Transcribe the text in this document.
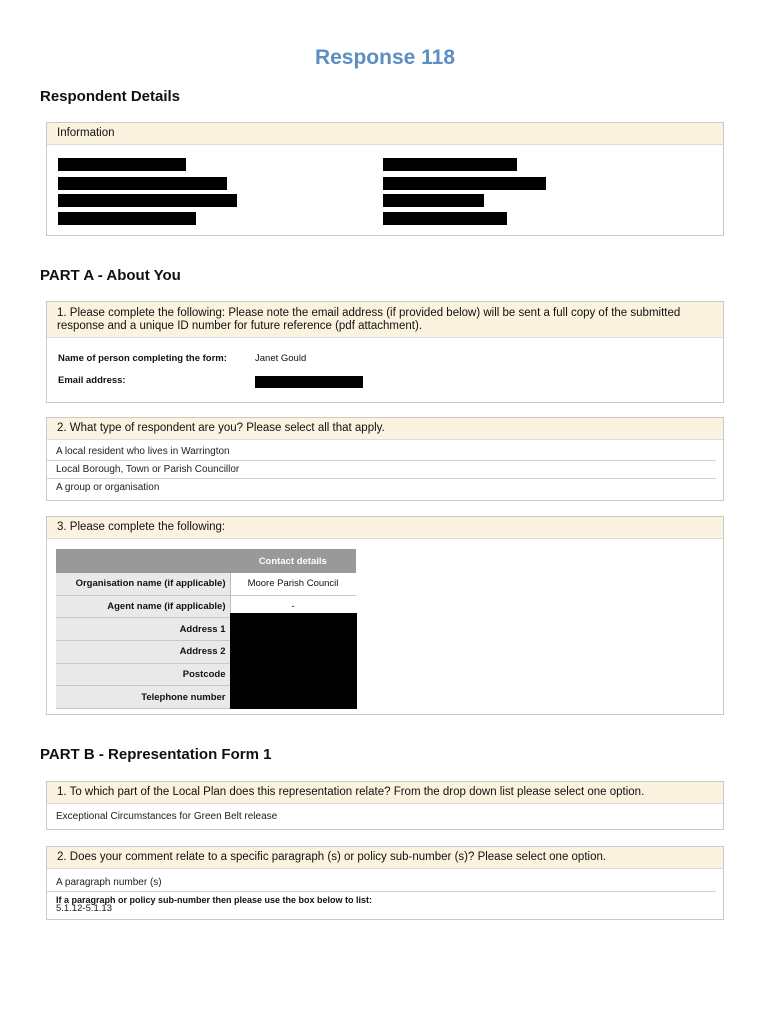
Response 118
Respondent Details
Information
PART A - About You
1. Please complete the following: Please note the email address (if provided below) will be sent a full copy of the submitted response and a unique ID number for future reference (pdf attachment).
Name of person completing the form:	Janet Gould
Email address:
2. What type of respondent are you? Please select all that apply.
A local resident who lives in Warrington
Local Borough, Town or Parish Councillor
A group or organisation
3. Please complete the following:
	Contact details
Organisation name (if applicable)	Moore Parish Council
Agent name (if applicable)	-
Address 1	
Address 2	
Postcode	
Telephone number	
PART B - Representation Form 1
1. To which part of the Local Plan does this representation relate? From the drop down list please select one option.
Exceptional Circumstances for Green Belt release
2. Does your comment relate to a specific paragraph (s) or policy sub-number (s)? Please select one option.
A paragraph number (s)
If a paragraph or policy sub-number then please use the box below to list:
5.1.12-5.1.13
